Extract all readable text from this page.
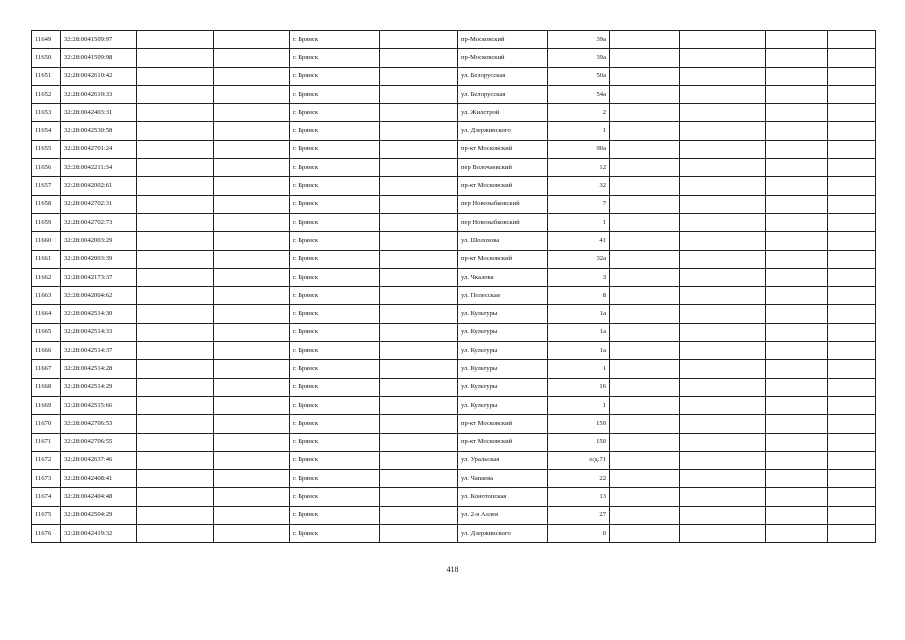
11649	32:28:0041509:97			г. Брянск		пр-Московский	39а				
11650	32:28:0041509:98			г. Брянск		пр-Московский	39а				
11651	32:28:0042610:42			г. Брянск		ул. Белорусская	50а				
11652	32:28:0042610:33			г. Брянск		ул. Белорусская	54а				
11653	32:28:0042403:31			г. Брянск		ул. Жилстрой	2				
11654	32:28:0042530:58			г. Брянск		ул. Дзержинского	1				
11655	32:28:0042701:24			г. Брянск		пр-кт Московский	90а				
11656	32:28:0042211:34			г. Брянск		пер Волочаевский	12				
11657	32:28:0042002:61			г. Брянск		пр-кт Московский	32				
11658	32:28:0042702:31			г. Брянск		пер Новозыбковский	7				
11659	32:28:0042702:73			г. Брянск		пер Новозыбковский	1				
11660	32:28:0042003:29			г. Брянск		ул. Шолохова	41				
11661	32:28:0042003:39			г. Брянск		пр-кт Московский	32а				
11662	32:28:0042173:37			г. Брянск		ул. Чкалова	3				
11663	32:28:0042004:62			г. Брянск		ул. Полесская	8				
11664	32:28:0042514:30			г. Брянск		ул. Культуры	1а				
11665	32:28:0042514:33			г. Брянск		ул. Культуры	1а				
11666	32:28:0042514:37			г. Брянск		ул. Культуры	1а				
11667	32:28:0042514:28			г. Брянск		ул. Культуры	1				
11668	32:28:0042514:29			г. Брянск		ул. Культуры	16				
11669	32:28:0042515:66			г. Брянск		ул. Культуры	1				
11670	32:28:0042706:53			г. Брянск		пр-кт Московский	150				
11671	32:28:0042706:55			г. Брянск		пр-кт Московский	150				
11672	32:28:0042637:46			г. Брянск		ул. Уральская	о/д.71				
11673	32:28:0042408:41			г. Брянск		ул. Чапаева	22				
11674	32:28:0042404:48			г. Брянск		ул. Конотопская	13				
11675	32:28:0042504:29			г. Брянск		ул. 2-я Аллея	27				
11676	32:28:0042419:32			г. Брянск		ул. Дзержинского	0				
418
